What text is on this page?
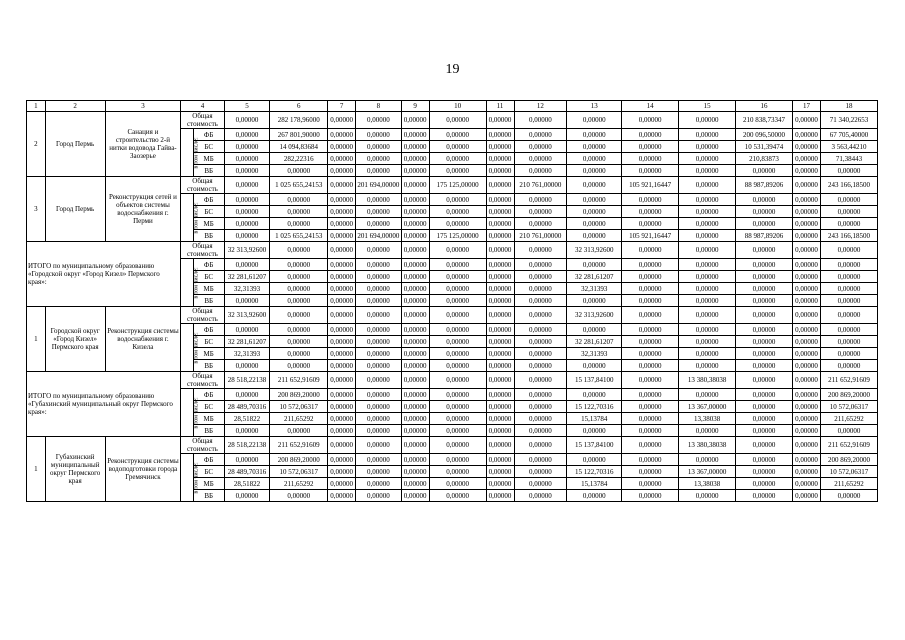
19
1	2	3	4		5	6	7	8	9	10	11	12	13	14	15	16	17	18
2	Город Пермь	Санация и строительство 2-й нитки водовода Гайва-Заозерье	Общая стоимость		0,00000	282 178,96000	0,00000	0,00000	0,00000	0,00000	0,00000	0,00000	0,00000	0,00000	0,00000	210 838,73347	0,00000	71 340,22653
			в том числе:	ФБ	0,00000	267 801,90000	0,00000	0,00000	0,00000	0,00000	0,00000	0,00000	0,00000	0,00000	0,00000	200 096,50000	0,00000	67 705,40000
				БС	0,00000	14 094,83684	0,00000	0,00000	0,00000	0,00000	0,00000	0,00000	0,00000	0,00000	0,00000	10 531,39474	0,00000	3 563,44210
				МБ	0,00000	282,22316	0,00000	0,00000	0,00000	0,00000	0,00000	0,00000	0,00000	0,00000	0,00000	210,83873	0,00000	71,38443
				ВБ	0,00000	0,00000	0,00000	0,00000	0,00000	0,00000	0,00000	0,00000	0,00000	0,00000	0,00000	0,00000	0,00000	0,00000
3	Город Пермь	Реконструкция сетей и объектов системы водоснабжения г. Перми	Общая стоимость		0,00000	1 025 655,24153	0,00000	201 694,00000	0,00000	175 125,00000	0,00000	210 761,00000	0,00000	105 921,16447	0,00000	88 987,89206	0,00000	243 166,18500
			в том числе:	ФБ	0,00000	0,00000	0,00000	0,00000	0,00000	0,00000	0,00000	0,00000	0,00000	0,00000	0,00000	0,00000	0,00000	0,00000
				БС	0,00000	0,00000	0,00000	0,00000	0,00000	0,00000	0,00000	0,00000	0,00000	0,00000	0,00000	0,00000	0,00000	0,00000
				МБ	0,00000	0,00000	0,00000	0,00000	0,00000	0,00000	0,00000	0,00000	0,00000	0,00000	0,00000	0,00000	0,00000	0,00000
				ВБ	0,00000	1 025 655,24153	0,00000	201 694,00000	0,00000	175 125,00000	0,00000	210 761,00000	0,00000	105 921,16447	0,00000	88 987,89206	0,00000	243 166,18500
ИТОГО по муниципальному образованию «Городской округ «Город Кизел» Пермского края»:			Общая стоимость		32 313,92600	0,00000	0,00000	0,00000	0,00000	0,00000	0,00000	0,00000	32 313,92600	0,00000	0,00000	0,00000	0,00000	0,00000
			в том числе:	ФБ	0,00000	0,00000	0,00000	0,00000	0,00000	0,00000	0,00000	0,00000	0,00000	0,00000	0,00000	0,00000	0,00000	0,00000
				БС	32 281,61207	0,00000	0,00000	0,00000	0,00000	0,00000	0,00000	0,00000	32 281,61207	0,00000	0,00000	0,00000	0,00000	0,00000
				МБ	32,31393	0,00000	0,00000	0,00000	0,00000	0,00000	0,00000	0,00000	32,31393	0,00000	0,00000	0,00000	0,00000	0,00000
				ВБ	0,00000	0,00000	0,00000	0,00000	0,00000	0,00000	0,00000	0,00000	0,00000	0,00000	0,00000	0,00000	0,00000	0,00000
1	Городской округ «Город Кизел» Пермского края	Реконструкция системы водоснабжения г. Кизела	Общая стоимость		32 313,92600	0,00000	0,00000	0,00000	0,00000	0,00000	0,00000	0,00000	32 313,92600	0,00000	0,00000	0,00000	0,00000	0,00000
			в том числе:	ФБ	0,00000	0,00000	0,00000	0,00000	0,00000	0,00000	0,00000	0,00000	0,00000	0,00000	0,00000	0,00000	0,00000	0,00000
				БС	32 281,61207	0,00000	0,00000	0,00000	0,00000	0,00000	0,00000	0,00000	32 281,61207	0,00000	0,00000	0,00000	0,00000	0,00000
				МБ	32,31393	0,00000	0,00000	0,00000	0,00000	0,00000	0,00000	0,00000	32,31393	0,00000	0,00000	0,00000	0,00000	0,00000
				ВБ	0,00000	0,00000	0,00000	0,00000	0,00000	0,00000	0,00000	0,00000	0,00000	0,00000	0,00000	0,00000	0,00000	0,00000
ИТОГО по муниципальному образованию «Губахинский муниципальный округ Пермского края»:			Общая стоимость		28 518,22138	211 652,91609	0,00000	0,00000	0,00000	0,00000	0,00000	0,00000	15 137,84100	0,00000	13 380,38038	0,00000	0,00000	211 652,91609
			в том числе:	ФБ	0,00000	200 869,20000	0,00000	0,00000	0,00000	0,00000	0,00000	0,00000	0,00000	0,00000	0,00000	0,00000	0,00000	200 869,20000
				БС	28 489,70316	10 572,06317	0,00000	0,00000	0,00000	0,00000	0,00000	0,00000	15 122,70316	0,00000	13 367,00000	0,00000	0,00000	10 572,06317
				МБ	28,51822	211,65292	0,00000	0,00000	0,00000	0,00000	0,00000	0,00000	15,13784	0,00000	13,38038	0,00000	0,00000	211,65292
				ВБ	0,00000	0,00000	0,00000	0,00000	0,00000	0,00000	0,00000	0,00000	0,00000	0,00000	0,00000	0,00000	0,00000	0,00000
1	Губахинский муниципальный округ Пермского края	Реконструкция системы водоподготовки города Гремячинск	Общая стоимость		28 518,22138	211 652,91609	0,00000	0,00000	0,00000	0,00000	0,00000	0,00000	15 137,84100	0,00000	13 380,38038	0,00000	0,00000	211 652,91609
			в том числе:	ФБ	0,00000	200 869,20000	0,00000	0,00000	0,00000	0,00000	0,00000	0,00000	0,00000	0,00000	0,00000	0,00000	0,00000	200 869,20000
				БС	28 489,70316	10 572,06317	0,00000	0,00000	0,00000	0,00000	0,00000	0,00000	15 122,70316	0,00000	13 367,00000	0,00000	0,00000	10 572,06317
				МБ	28,51822	211,65292	0,00000	0,00000	0,00000	0,00000	0,00000	0,00000	15,13784	0,00000	13,38038	0,00000	0,00000	211,65292
				ВБ	0,00000	0,00000	0,00000	0,00000	0,00000	0,00000	0,00000	0,00000	0,00000	0,00000	0,00000	0,00000	0,00000	0,00000
